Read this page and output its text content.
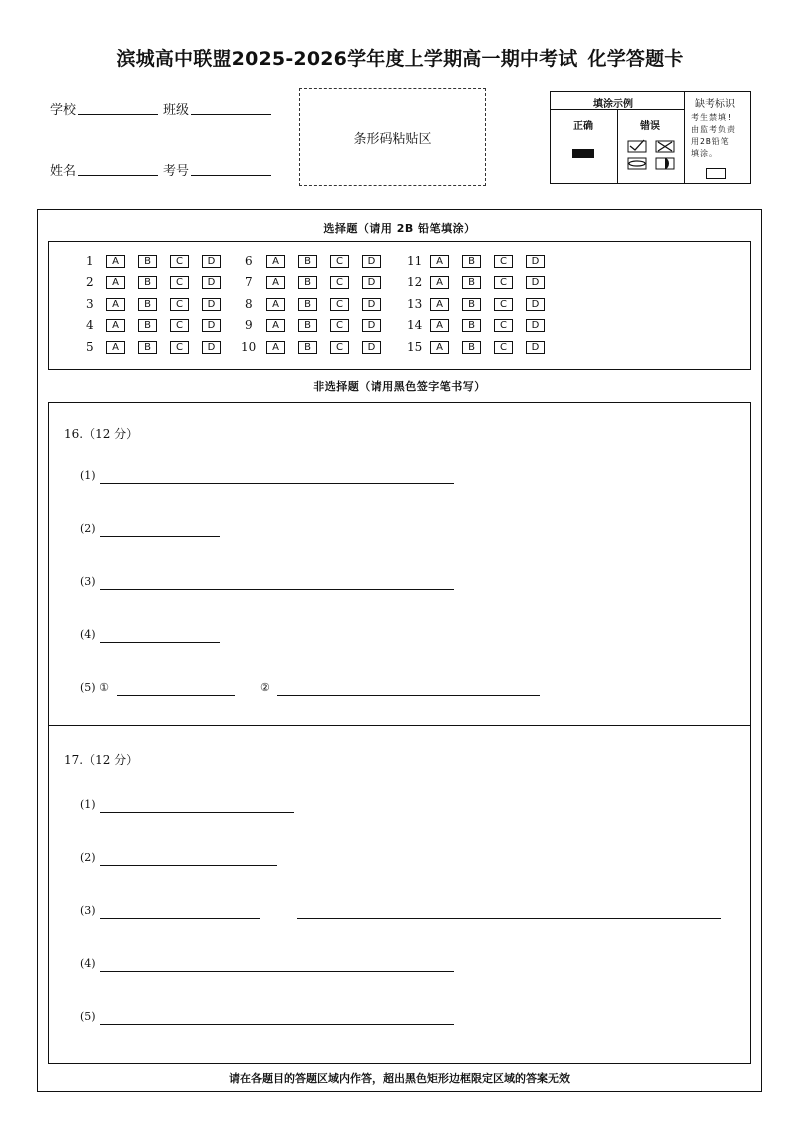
滨城高中联盟2025-2026学年度上学期高一期中考试 化学答题卡
学校	班级
姓名	考号
条形码粘贴区
填涂示例
正确	错误
缺考标识
考生禁填!
由监考负责
用2B铅笔
填涂。
选择题（请用 2B 铅笔填涂）
1	A	B	C	D
2	A	B	C	D
3	A	B	C	D
4	A	B	C	D
5	A	B	C	D
6	A	B	C	D
7	A	B	C	D
8	A	B	C	D
9	A	B	C	D
10	A	B	C	D
11	A	B	C	D
12	A	B	C	D
13	A	B	C	D
14	A	B	C	D
15	A	B	C	D
非选择题（请用黑色签字笔书写）
16.（12 分）
(1)
(2)
(3)
(4)
(5) ①	②
17.（12 分）
(1)
(2)
(3)
(4)
(5)
请在各题目的答题区域内作答，超出黑色矩形边框限定区域的答案无效
